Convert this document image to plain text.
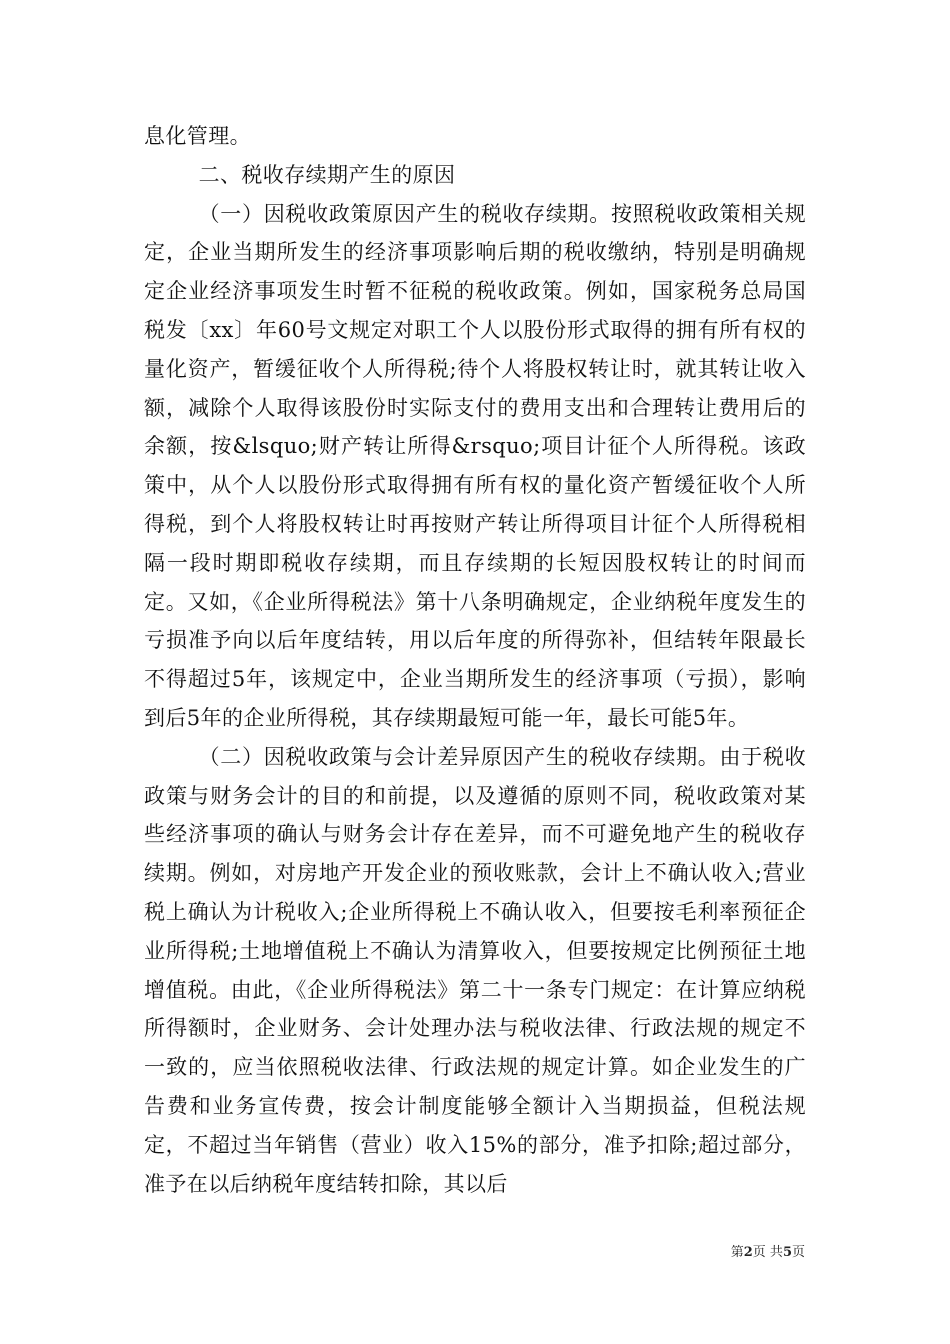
息化管理。

二、税收存续期产生的原因

（一）因税收政策原因产生的税收存续期。按照税收政策相关规定，企业当期所发生的经济事项影响后期的税收缴纳，特别是明确规定企业经济事项发生时暂不征税的税收政策。例如，国家税务总局国税发〔xx〕年60号文规定对职工个人以股份形式取得的拥有所有权的量化资产，暂缓征收个人所得税;待个人将股权转让时，就其转让收入额，减除个人取得该股份时实际支付的费用支出和合理转让费用后的余额，按&lsquo;财产转让所得&rsquo;项目计征个人所得税。该政策中，从个人以股份形式取得拥有所有权的量化资产暂缓征收个人所得税，到个人将股权转让时再按财产转让所得项目计征个人所得税相隔一段时期即税收存续期，而且存续期的长短因股权转让的时间而定。又如，《企业所得税法》第十八条明确规定，企业纳税年度发生的亏损准予向以后年度结转，用以后年度的所得弥补，但结转年限最长不得超过5年，该规定中，企业当期所发生的经济事项（亏损），影响到后5年的企业所得税，其存续期最短可能一年，最长可能5年。

（二）因税收政策与会计差异原因产生的税收存续期。由于税收政策与财务会计的目的和前提，以及遵循的原则不同，税收政策对某些经济事项的确认与财务会计存在差异，而不可避免地产生的税收存续期。例如，对房地产开发企业的预收账款，会计上不确认收入;营业税上确认为计税收入;企业所得税上不确认收入，但要按毛利率预征企业所得税;土地增值税上不确认为清算收入，但要按规定比例预征土地增值税。由此，《企业所得税法》第二十一条专门规定：在计算应纳税所得额时，企业财务、会计处理办法与税收法律、行政法规的规定不一致的，应当依照税收法律、行政法规的规定计算。如企业发生的广告费和业务宣传费，按会计制度能够全额计入当期损益，但税法规定，不超过当年销售（营业）收入15%的部分，准予扣除;超过部分，准予在以后纳税年度结转扣除，其以后

第2页 共5页
